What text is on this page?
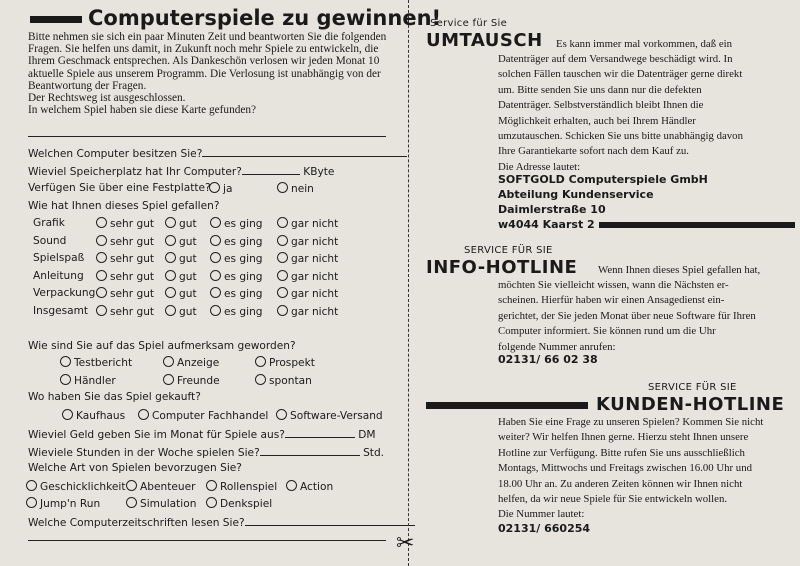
Computerspiele zu gewinnen!
Bitte nehmen sie sich ein paar Minuten Zeit und beantworten Sie die folgenden Fragen. Sie helfen uns damit, in Zukunft noch mehr Spiele zu entwickeln, die Ihrem Geschmack entsprechen. Als Dankeschön verlosen wir jeden Monat 10 aktuelle Spiele aus unserem Programm. Die Verlosung ist unabhängig von der Beantwortung der Fragen.
Der Rechtsweg ist ausgeschlossen.
In welchem Spiel haben sie diese Karte gefunden?
Welchen Computer besitzen Sie?
Wieviel Speicherplatz hat Ihr Computer?	KByte
Verfügen Sie über eine Festplatte?	ja	nein
Wie hat Ihnen dieses Spiel gefallen?
Grafik	sehr gut	gut	es ging	gar nicht
Sound	sehr gut	gut	es ging	gar nicht
Spielspaß	sehr gut	gut	es ging	gar nicht
Anleitung	sehr gut	gut	es ging	gar nicht
Verpackung	sehr gut	gut	es ging	gar nicht
Insgesamt	sehr gut	gut	es ging	gar nicht
Wie sind Sie auf das Spiel aufmerksam geworden?
Testbericht	Anzeige	Prospekt
Händler	Freunde	spontan
Wo haben Sie das Spiel gekauft?
Kaufhaus	Computer Fachhandel	Software-Versand
Wieviel Geld geben Sie im Monat für Spiele aus?	DM
Wieviele Stunden in der Woche spielen Sie?	Std.
Welche Art von Spielen bevorzugen Sie?
Geschicklichkeit	Abenteuer	Rollenspiel	Action
Jump'n Run	Simulation	Denkspiel
Welche Computerzeitschriften lesen Sie?
✂
Service für Sie
UMTAUSCH Es kann immer mal vorkommen, daß ein
Datenträger auf dem Versandwege beschädigt wird. In
solchen Fällen tauschen wir die Datenträger gerne direkt
um. Bitte senden Sie uns dann nur die defekten
Datenträger. Selbstverständlich bleibt Ihnen die
Möglichkeit erhalten, auch bei Ihrem Händler
umzutauschen. Schicken Sie uns bitte unabhängig davon
Ihre Garantiekarte sofort nach dem Kauf zu.
Die Adresse lautet:
SOFTGOLD Computerspiele GmbH
Abteilung Kundenservice
Daimlerstraße 10
w4044 Kaarst 2
SERVICE FÜR SIE
INFO-HOTLINE Wenn Ihnen dieses Spiel gefallen hat,
möchten Sie vielleicht wissen, wann die Nächsten er-
scheinen. Hierfür haben wir einen Ansagedienst ein-
gerichtet, der Sie jeden Monat über neue Software für Ihren
Computer informiert. Sie können rund um die Uhr
folgende Nummer anrufen:
02131/ 66 02 38
SERVICE FÜR SIE
KUNDEN-HOTLINE
Haben Sie eine Frage zu unseren Spielen? Kommen Sie nicht
weiter? Wir helfen Ihnen gerne. Hierzu steht Ihnen unsere
Hotline zur Verfügung. Bitte rufen Sie uns ausschließlich
Montags, Mittwochs und Freitags zwischen 16.00 Uhr und
18.00 Uhr an. Zu anderen Zeiten können wir Ihnen nicht
helfen, da wir neue Spiele für Sie entwickeln wollen.
Die Nummer lautet:
02131/ 660254
